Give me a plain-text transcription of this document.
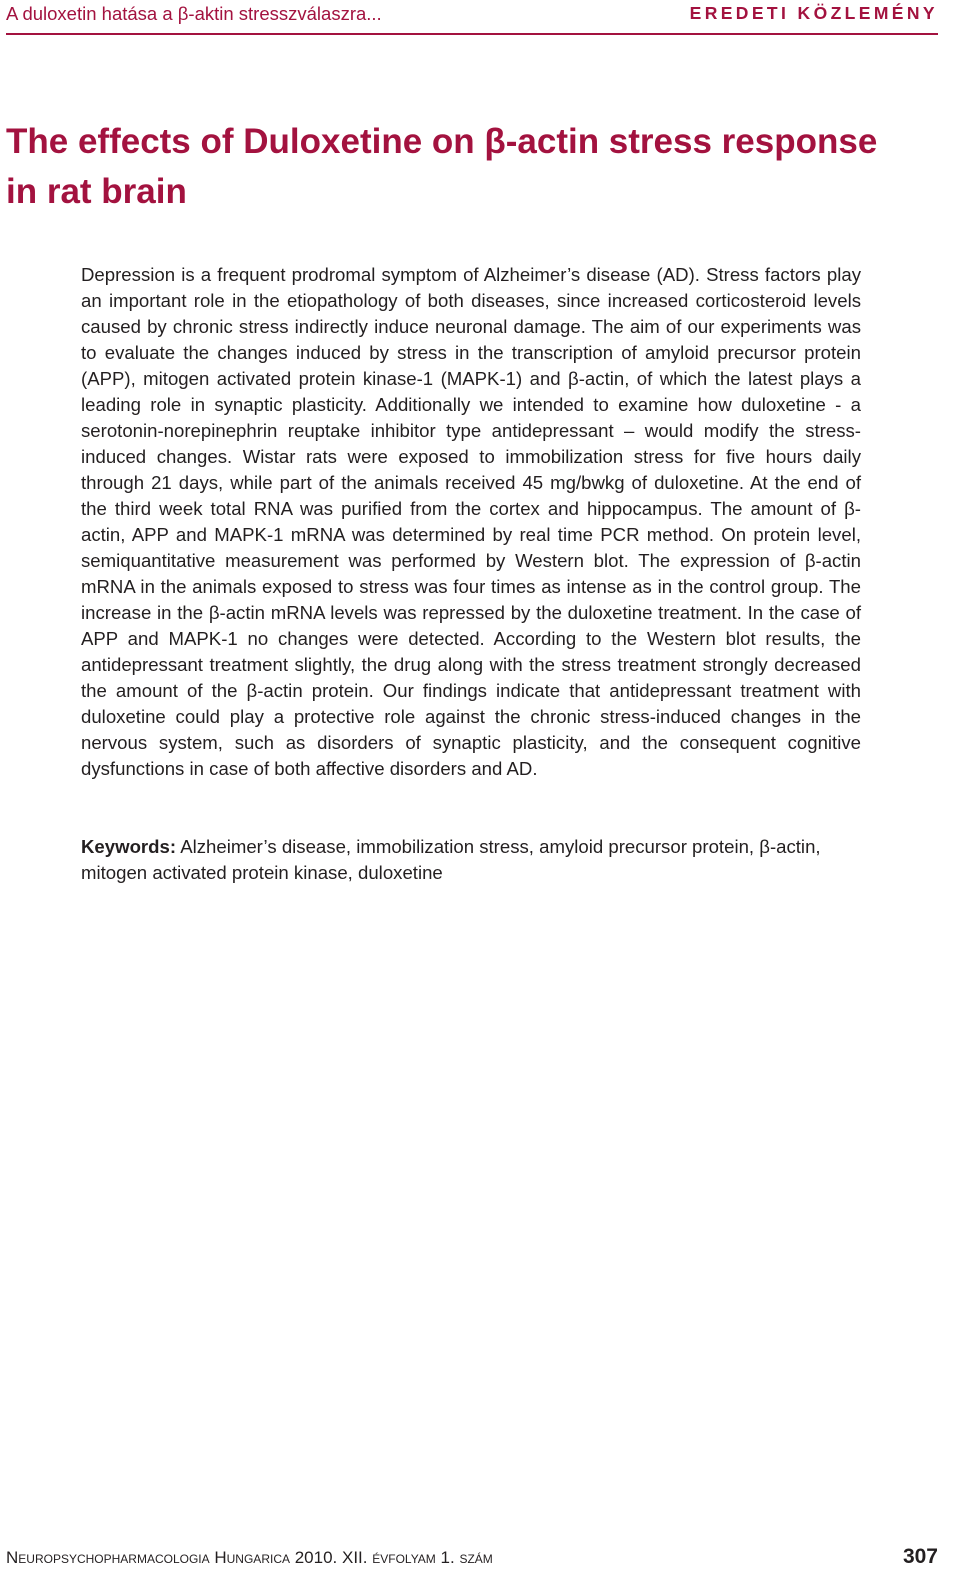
A duloxetin hatása a β-aktin stresszválaszra...	EREDETI KÖZLEMÉNY
The effects of Duloxetine on β-actin stress response
in rat brain

Depression is a frequent prodromal symptom of Alzheimer’s disease (AD). Stress factors play an important role in the etiopathology of both diseases, since increased corticosteroid levels caused by chronic stress indirectly induce neuronal damage. The aim of our experiments was to evaluate the changes induced by stress in the transcription of amyloid precursor protein (APP), mitogen activated protein kinase-1 (MAPK-1) and β-actin, of which the latest plays a leading role in synaptic plasticity. Additionally we intended to examine how duloxetine - a serotonin-norepinephrin reuptake inhibitor type antidepressant – would modify the stress-induced changes. Wistar rats were exposed to immobilization stress for five hours daily through 21 days, while part of the animals received 45 mg/bwkg of duloxetine. At the end of the third week total RNA was purified from the cortex and hippocampus. The amount of β-actin, APP and MAPK-1 mRNA was determined by real time PCR method. On protein level, semiquantitative measurement was performed by Western blot. The expression of β-actin mRNA in the animals exposed to stress was four times as intense as in the control group. The increase in the β-actin mRNA levels was repressed by the duloxetine treatment. In the case of APP and MAPK-1 no changes were detected. According to the Western blot results, the antidepressant treatment slightly, the drug along with the stress treatment strongly decreased the amount of the β-actin protein. Our findings indicate that antidepressant treatment with duloxetine could play a protective role against the chronic stress-induced changes in the nervous system, such as disorders of synaptic plasticity, and the consequent cognitive dysfunctions in case of both affective disorders and AD.

Keywords: Alzheimer’s disease, immobilization stress, amyloid precursor protein, β-actin, mitogen activated protein kinase, duloxetine

Neuropsychopharmacologia Hungarica 2010. XII. évfolyam 1. szám	307
